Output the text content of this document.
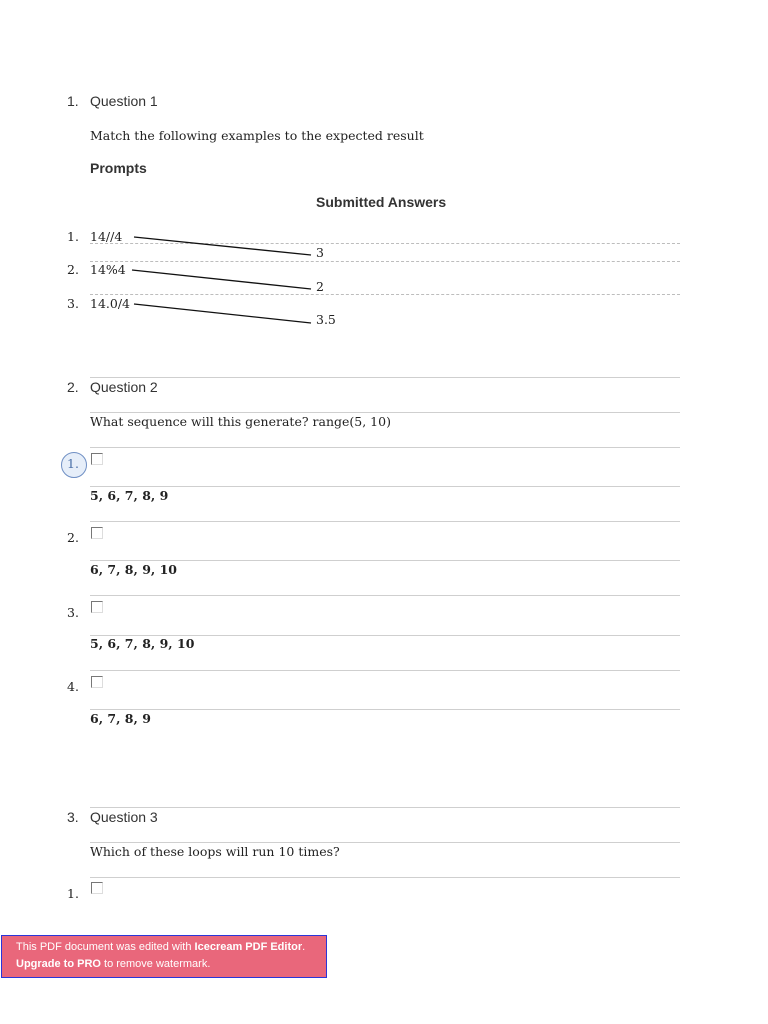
1. Question 1
Match the following examples to the expected result
Prompts
Submitted Answers
1. 14//4
3
2. 14%4
2
3. 14.0/4
3.5
2. Question 2
What sequence will this generate? range(5, 10)
1.
5, 6, 7, 8, 9
2.
6, 7, 8, 9, 10
3.
5, 6, 7, 8, 9, 10
4.
6, 7, 8, 9
3. Question 3
Which of these loops will run 10 times?
1.
This PDF document was edited with Icecream PDF Editor.
Upgrade to PRO to remove watermark.
